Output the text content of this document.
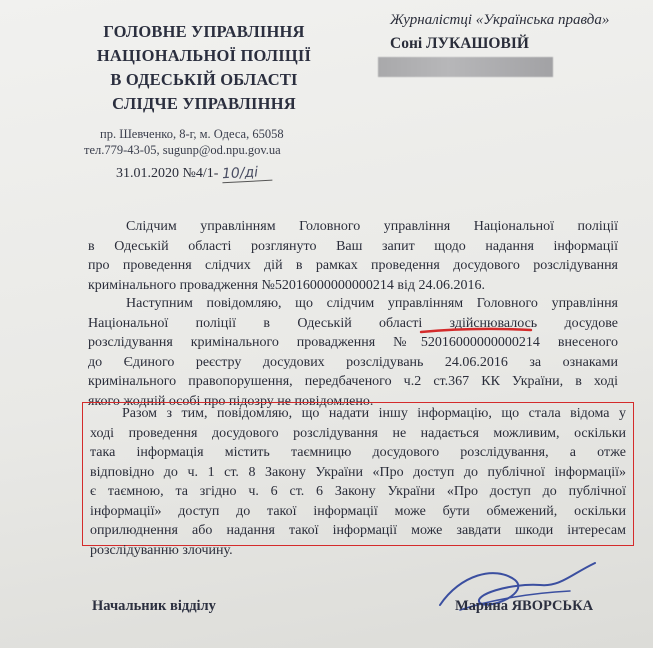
ГОЛОВНЕ УПРАВЛІННЯ
НАЦІОНАЛЬНОЇ ПОЛІЦІЇ
В ОДЕСЬКІЙ ОБЛАСТІ
СЛІДЧЕ УПРАВЛІННЯ
пр. Шевченко, 8-г, м. Одеса, 65058
тел.779-43-05, sugunp@od.npu.gov.ua
31.01.2020 №4/1- 10/ді
Журналістці «Українська правда»
Соні ЛУКАШОВІЙ
Слідчим управлінням Головного управління Національної поліції
в Одеській області розглянуто Ваш запит щодо надання інформації
про проведення слідчих дій в рамках проведення досудового розслідування
кримінального провадження №52016000000000214 від 24.06.2016.
Наступним повідомляю, що слідчим управлінням Головного управління
Національної поліції в Одеській області здійснювалось досудове
розслідування кримінального провадження №52016000000000214 внесеного
до Єдиного реєстру досудових розслідувань 24.06.2016 за ознаками
кримінального правопорушення, передбаченого ч.2 ст.367 КК України, в ході
якого жодній особі про підозру не повідомлено.
Разом з тим, повідомляю, що надати іншу інформацію, що стала відома у
ході проведення досудового розслідування не надається можливим, оскільки
така інформація містить таємницю досудового розслідування, а отже
відповідно до ч. 1 ст. 8 Закону України «Про доступ до публічної інформації»
є таємною, та згідно ч. 6 ст. 6 Закону України «Про доступ до публічної
інформації» доступ до такої інформації може бути обмежений, оскільки
оприлюднення або надання такої інформації може завдати шкоди інтересам
розслідуванню злочину.
Начальник відділу	Марина ЯВОРСЬКА
